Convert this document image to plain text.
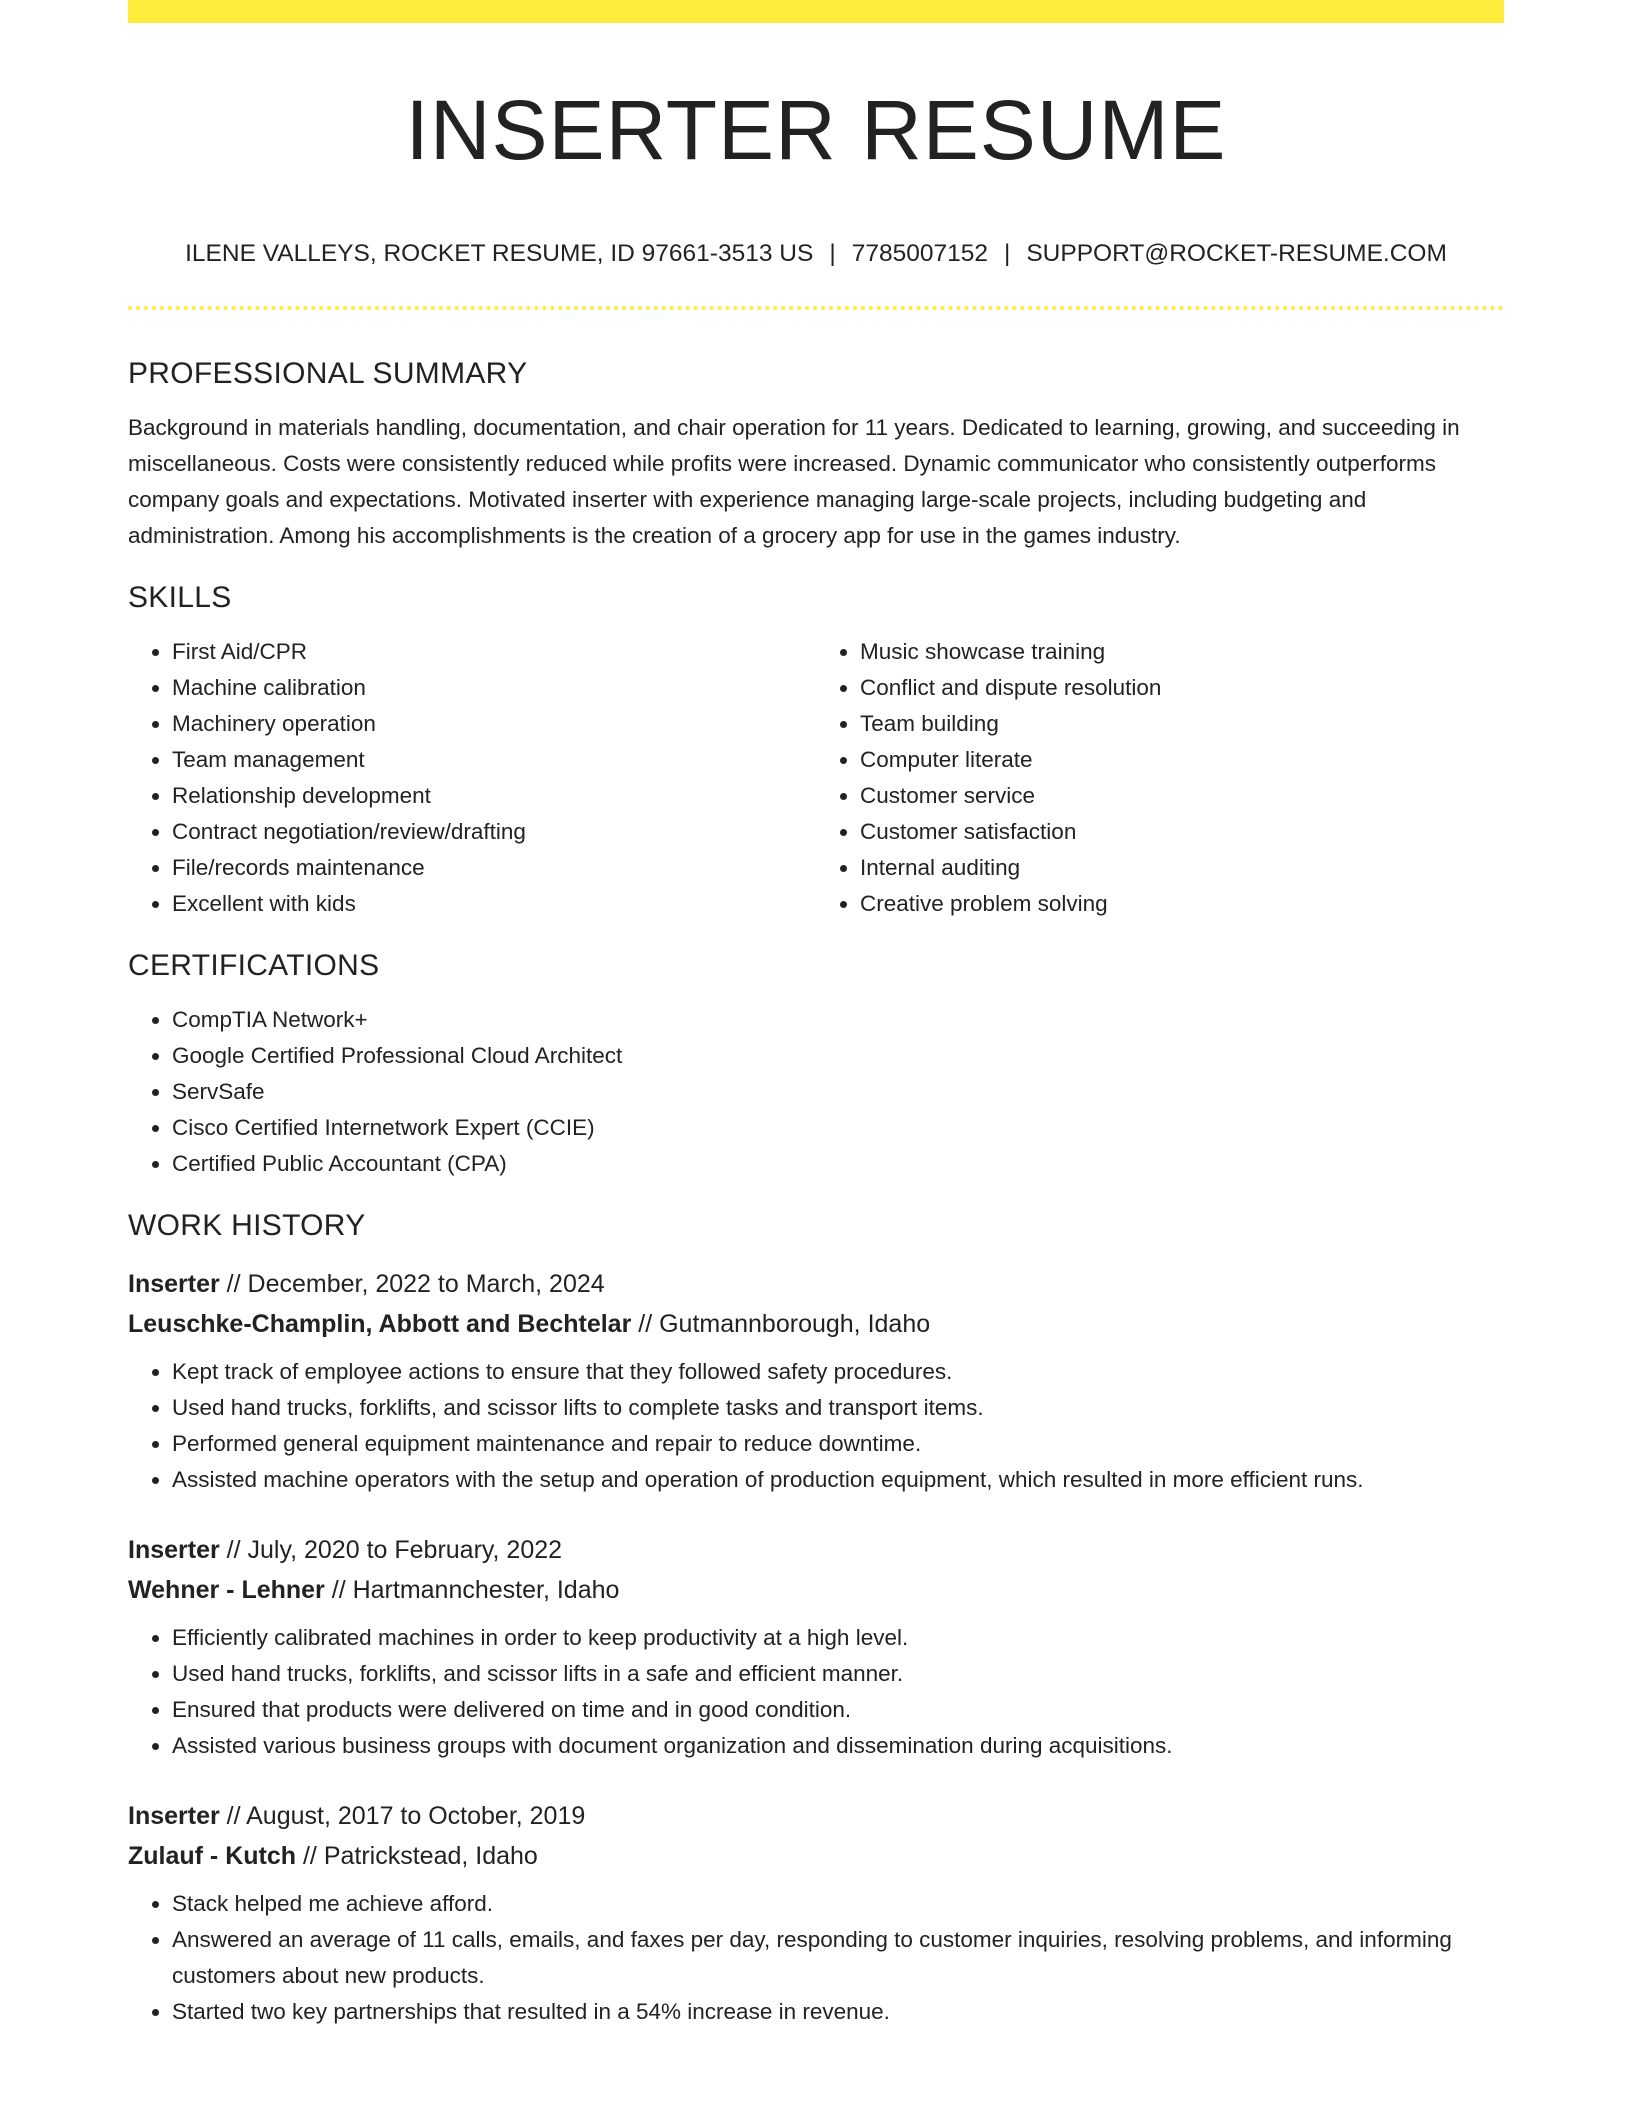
INSERTER RESUME
ILENE VALLEYS, ROCKET RESUME, ID 97661-3513 US | 7785007152 | SUPPORT@ROCKET-RESUME.COM
PROFESSIONAL SUMMARY

Background in materials handling, documentation, and chair operation for 11 years. Dedicated to learning, growing, and succeeding in miscellaneous. Costs were consistently reduced while profits were increased. Dynamic communicator who consistently outperforms company goals and expectations. Motivated inserter with experience managing large-scale projects, including budgeting and administration. Among his accomplishments is the creation of a grocery app for use in the games industry.

SKILLS
• First Aid/CPR
• Machine calibration
• Machinery operation
• Team management
• Relationship development
• Contract negotiation/review/drafting
• File/records maintenance
• Excellent with kids
• Music showcase training
• Conflict and dispute resolution
• Team building
• Computer literate
• Customer service
• Customer satisfaction
• Internal auditing
• Creative problem solving
CERTIFICATIONS
• CompTIA Network+
• Google Certified Professional Cloud Architect
• ServSafe
• Cisco Certified Internetwork Expert (CCIE)
• Certified Public Accountant (CPA)
WORK HISTORY
Inserter // December, 2022 to March, 2024
Leuschke-Champlin, Abbott and Bechtelar // Gutmannborough, Idaho
• Kept track of employee actions to ensure that they followed safety procedures.
• Used hand trucks, forklifts, and scissor lifts to complete tasks and transport items.
• Performed general equipment maintenance and repair to reduce downtime.
• Assisted machine operators with the setup and operation of production equipment, which resulted in more efficient runs.
Inserter // July, 2020 to February, 2022
Wehner - Lehner // Hartmannchester, Idaho
• Efficiently calibrated machines in order to keep productivity at a high level.
• Used hand trucks, forklifts, and scissor lifts in a safe and efficient manner.
• Ensured that products were delivered on time and in good condition.
• Assisted various business groups with document organization and dissemination during acquisitions.
Inserter // August, 2017 to October, 2019
Zulauf - Kutch // Patrickstead, Idaho
• Stack helped me achieve afford.
• Answered an average of 11 calls, emails, and faxes per day, responding to customer inquiries, resolving problems, and informing customers about new products.
• Started two key partnerships that resulted in a 54% increase in revenue.
